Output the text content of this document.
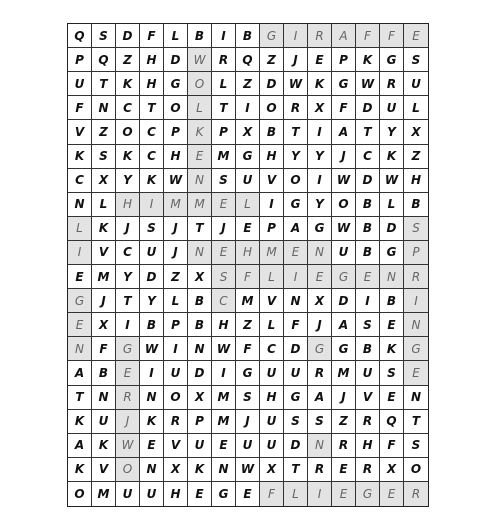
Q	S	D	F	L	B	I	B	G	I	R	A	F	F	E
P	Q	Z	H	D	W	R	Q	Z	J	E	P	K	G	S
U	T	K	H	G	O	L	Z	D	W	K	G	W	R	U
F	N	C	T	O	L	T	I	O	R	X	F	D	U	L
V	Z	O	C	P	K	P	X	B	T	I	A	T	Y	X
K	S	K	C	H	E	M	G	H	Y	Y	J	C	K	Z
C	X	Y	K	W	N	S	U	V	O	I	W	D	W	H
N	L	H	I	M	M	E	L	I	G	Y	O	B	L	B
L	K	J	S	J	T	J	E	P	A	G	W	B	D	S
I	V	C	U	J	N	E	H	M	E	N	U	B	G	P
E	M	Y	D	Z	X	S	F	L	I	E	G	E	N	R
G	J	T	Y	L	B	C	M	V	N	X	D	I	B	I
E	X	I	B	P	B	H	Z	L	F	J	A	S	E	N
N	F	G	W	I	N	W	F	C	D	G	G	B	K	G
A	B	E	I	U	D	I	G	U	U	R	M	U	S	E
T	N	R	N	O	X	M	S	H	G	A	J	V	E	N
K	U	J	K	R	P	M	J	U	S	S	Z	R	Q	T
A	K	W	E	V	U	E	U	U	D	N	R	H	F	S
K	V	O	N	X	K	N	W	X	T	R	E	R	X	O
O	M	U	U	H	E	G	E	F	L	I	E	G	E	R
